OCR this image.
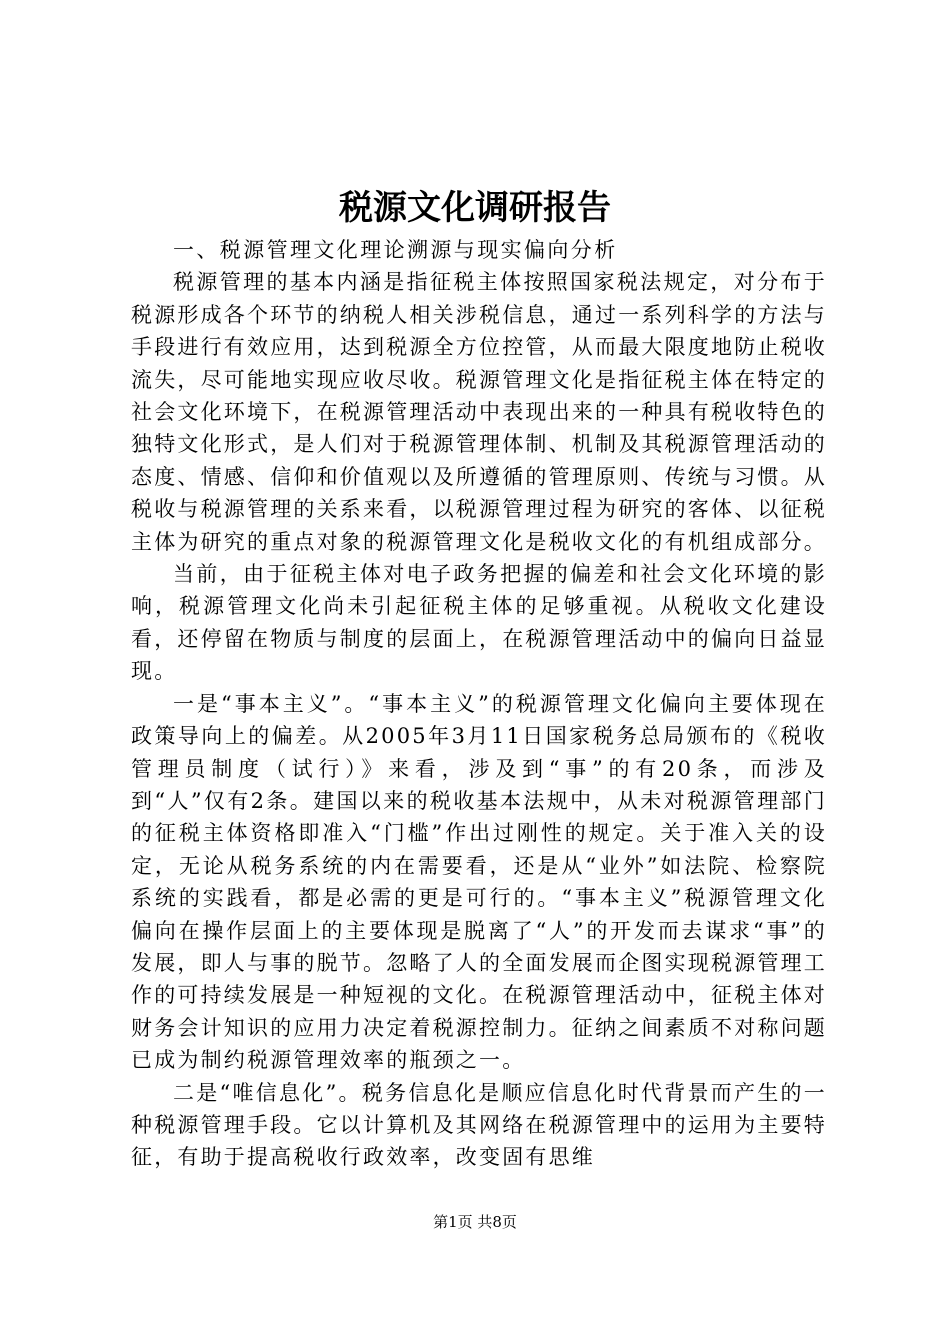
税源文化调研报告

一、税源管理文化理论溯源与现实偏向分析

税源管理的基本内涵是指征税主体按照国家税法规定，对分布于税源形成各个环节的纳税人相关涉税信息，通过一系列科学的方法与手段进行有效应用，达到税源全方位控管，从而最大限度地防止税收流失，尽可能地实现应收尽收。税源管理文化是指征税主体在特定的社会文化环境下，在税源管理活动中表现出来的一种具有税收特色的独特文化形式，是人们对于税源管理体制、机制及其税源管理活动的态度、情感、信仰和价值观以及所遵循的管理原则、传统与习惯。从税收与税源管理的关系来看，以税源管理过程为研究的客体、以征税主体为研究的重点对象的税源管理文化是税收文化的有机组成部分。

当前，由于征税主体对电子政务把握的偏差和社会文化环境的影响，税源管理文化尚未引起征税主体的足够重视。从税收文化建设看，还停留在物质与制度的层面上，在税源管理活动中的偏向日益显现。

一是“事本主义”。“事本主义”的税源管理文化偏向主要体现在政策导向上的偏差。从2005年3月11日国家税务总局颁布的《税收管理员制度（试行）》来看，涉及到“事”的有20条，而涉及到“人”仅有2条。建国以来的税收基本法规中，从未对税源管理部门的征税主体资格即准入“门槛”作出过刚性的规定。关于准入关的设定，无论从税务系统的内在需要看，还是从“业外”如法院、检察院系统的实践看，都是必需的更是可行的。“事本主义”税源管理文化偏向在操作层面上的主要体现是脱离了“人”的开发而去谋求“事”的发展，即人与事的脱节。忽略了人的全面发展而企图实现税源管理工作的可持续发展是一种短视的文化。在税源管理活动中，征税主体对财务会计知识的应用力决定着税源控制力。征纳之间素质不对称问题已成为制约税源管理效率的瓶颈之一。

二是“唯信息化”。税务信息化是顺应信息化时代背景而产生的一种税源管理手段。它以计算机及其网络在税源管理中的运用为主要特征，有助于提高税收行政效率，改变固有思维

第1页 共8页
